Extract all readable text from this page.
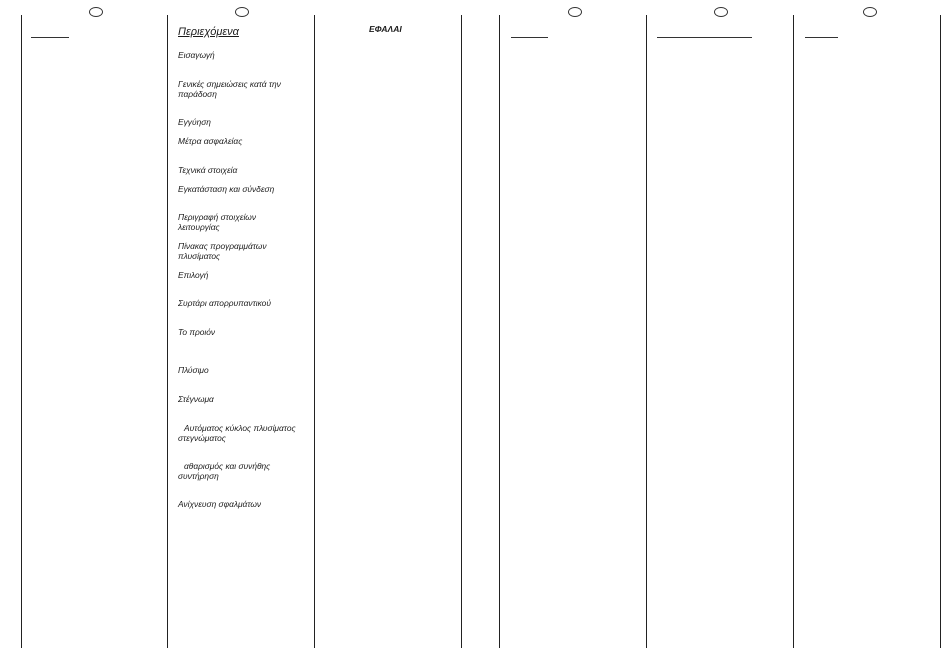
Περιεχόμενα
Εισαγωγή
Γενικές σημειώσεις κατά την παράδοση
Εγγύηση
Μέτρα ασφαλείας
Τεχνικά στοιχεία
Εγκατάσταση και σύνδεση
Περιγραφή στοιχείων λειτουργίας
Πίνακας προγραμμάτων πλυσίματος
Επιλογή
Συρτάρι απορρυπαντικού
Το προιόν
Πλύσιμο
Στέγνωμα
Αυτόματος κύκλος πλυσίματος στεγνώματος
αθαρισμός και συνήθης συντήρηση
Ανίχνευση σφαλμάτων
ΕΦΑΛΑΙ
